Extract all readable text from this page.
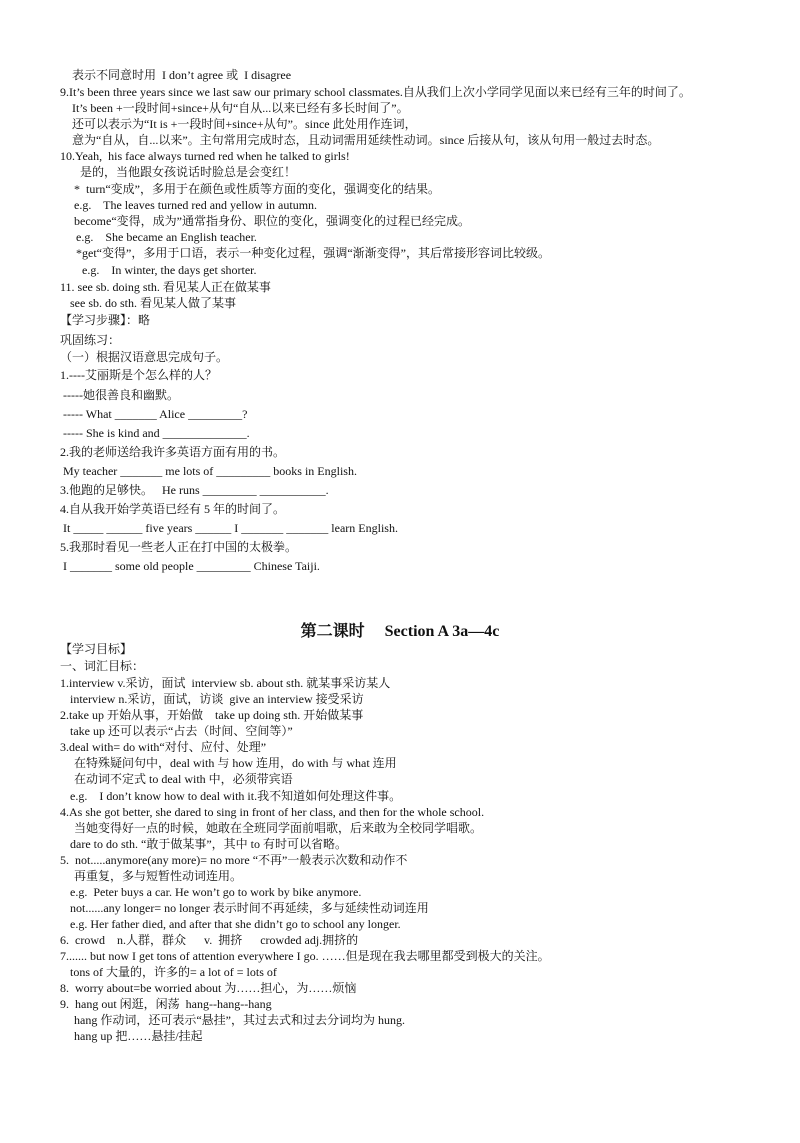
表示不同意时用  I don’t agree 或  I disagree
9.It’s been three years since we last saw our primary school classmates.自从我们上次小学同学见面以来已经有三年的时间了。
It’s been +一段时间+since+从句“自从...以来已经有多长时间了”。
还可以表示为“It is +一段时间+since+从句”。since 此处用作连词，
意为“自从，自...以来”。主句常用完成时态，且动词需用延续性动词。since 后接从句，该从句用一般过去时态。
10.Yeah,  his face always turned red when he talked to girls!
是的，当他跟女孩说话时脸总是会变红！
*  turn“变成”，多用于在颜色或性质等方面的变化，强调变化的结果。
e.g.    The leaves turned red and yellow in autumn.
become“变得，成为”通常指身份、职位的变化，强调变化的过程已经完成。
e.g.    She became an English teacher.
*get“变得”，多用于口语，表示一种变化过程，强调“渐渐变得”，其后常接形容词比较级。
e.g.    In winter, the days get shorter.
11. see sb. doing sth. 看见某人正在做某事
see sb. do sth. 看见某人做了某事
【学习步骤】：略
巩固练习：
（一）根据汉语意思完成句子。
1.----艾丽斯是个怎么样的人？
-----她很善良和幽默。
----- What _______ Alice _________?
----- She is kind and ______________.
2.我的老师送给我许多英语方面有用的书。
My teacher _______ me lots of _________ books in English.
3.他跑的足够快。   He runs _________ ___________.
4.自从我开始学英语已经有 5 年的时间了。
It _____ ______ five years ______ I _______ _______ learn English.
5.我那时看见一些老人正在打中国的太极拳。
I _______ some old people _________ Chinese Taiji.
第二课时     Section A 3a—4c
【学习目标】
一、词汇目标：
1.interview v.采访，面试  interview sb. about sth. 就某事采访某人
interview n.采访，面试，访谈  give an interview 接受采访
2.take up 开始从事，开始做    take up doing sth. 开始做某事
take up 还可以表示“占去（时间、空间等）”
3.deal with= do with“对付、应付、处理”
在特殊疑问句中，deal with 与 how 连用，do with 与 what 连用
在动词不定式 to deal with 中，必须带宾语
e.g.    I don’t know how to deal with it.我不知道如何处理这件事。
4.As she got better, she dared to sing in front of her class, and then for the whole school.
当她变得好一点的时候，她敢在全班同学面前唱歌，后来敢为全校同学唱歌。
dare to do sth. “敢于做某事”，其中 to 有时可以省略。
5.  not.....anymore(any more)= no more “不再”一般表示次数和动作不
再重复，多与短暂性动词连用。
e.g.  Peter buys a car. He won’t go to work by bike anymore.
not......any longer= no longer 表示时间不再延续，多与延续性动词连用
e.g. Her father died, and after that she didn’t go to school any longer.
6.  crowd    n.人群，群众      v.  拥挤      crowded adj.拥挤的
7....... but now I get tons of attention everywhere I go. ……但是现在我去哪里都受到极大的关注。
tons of 大量的，许多的= a lot of = lots of
8.  worry about=be worried about 为……担心，为……烦恼
9.  hang out 闲逛，闲荡  hang--hang--hang
hang 作动词，还可表示“悬挂”，其过去式和过去分词均为 hung.
hang up 把……悬挂/挂起
